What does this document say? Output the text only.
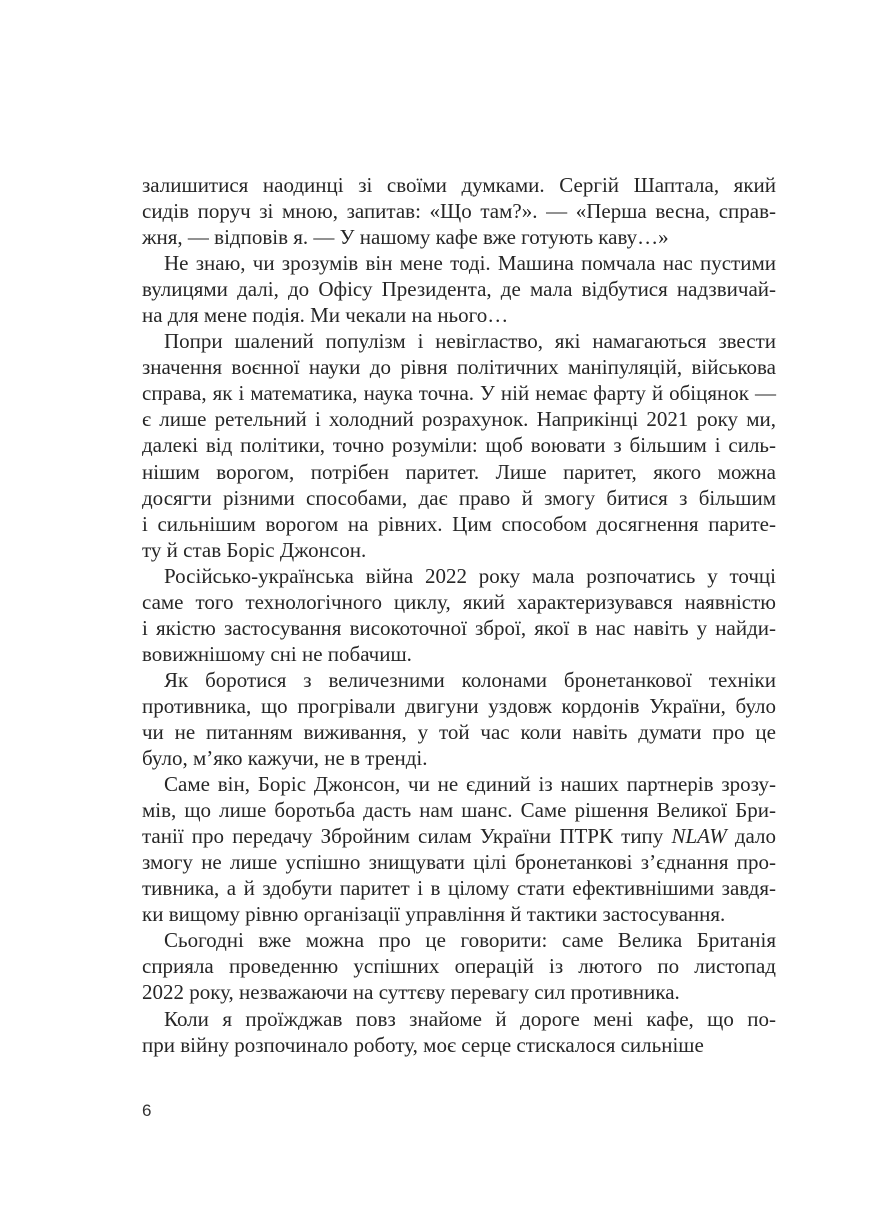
залишитися наодинці зі своїми думками. Сергій Шаптала, який
сидів поруч зі мною, запитав: «Що там?». — «Перша весна, справ-
жня, — відповів я. — У нашому кафе вже готують каву…»
Не знаю, чи зрозумів він мене тоді. Машина помчала нас пустими
вулицями далі, до Офісу Президента, де мала відбутися надзвичай-
на для мене подія. Ми чекали на нього…
Попри шалений популізм і невігластво, які намагаються звести
значення воєнної науки до рівня політичних маніпуляцій, військова
справа, як і математика, наука точна. У ній немає фарту й обіцянок —
є лише ретельний і холодний розрахунок. Наприкінці 2021 року ми,
далекі від політики, точно розуміли: щоб воювати з більшим і силь-
нішим ворогом, потрібен паритет. Лише паритет, якого можна
досягти різними способами, дає право й змогу битися з більшим
і сильнішим ворогом на рівних. Цим способом досягнення парите-
ту й став Боріс Джонсон.
Російсько-українська війна 2022 року мала розпочатись у точці
саме того технологічного циклу, який характеризувався наявністю
і якістю застосування високоточної зброї, якої в нас навіть у найди-
вовижнішому сні не побачиш.
Як боротися з величезними колонами бронетанкової техніки
противника, що прогрівали двигуни уздовж кордонів України, було
чи не питанням виживання, у той час коли навіть думати про це
було, м’яко кажучи, не в тренді.
Саме він, Боріс Джонсон, чи не єдиний із наших партнерів зрозу-
мів, що лише боротьба дасть нам шанс. Саме рішення Великої Бри-
танії про передачу Збройним силам України ПТРК типу NLAW дало
змогу не лише успішно знищувати цілі бронетанкові з’єднання про-
тивника, а й здобути паритет і в цілому стати ефективнішими завдя-
ки вищому рівню організації управління й тактики застосування.
Сьогодні вже можна про це говорити: саме Велика Британія
сприяла проведенню успішних операцій із лютого по листопад
2022 року, незважаючи на суттєву перевагу сил противника.
Коли я проїжджав повз знайоме й дороге мені кафе, що по-
при війну розпочинало роботу, моє серце стискалося сильніше
6
